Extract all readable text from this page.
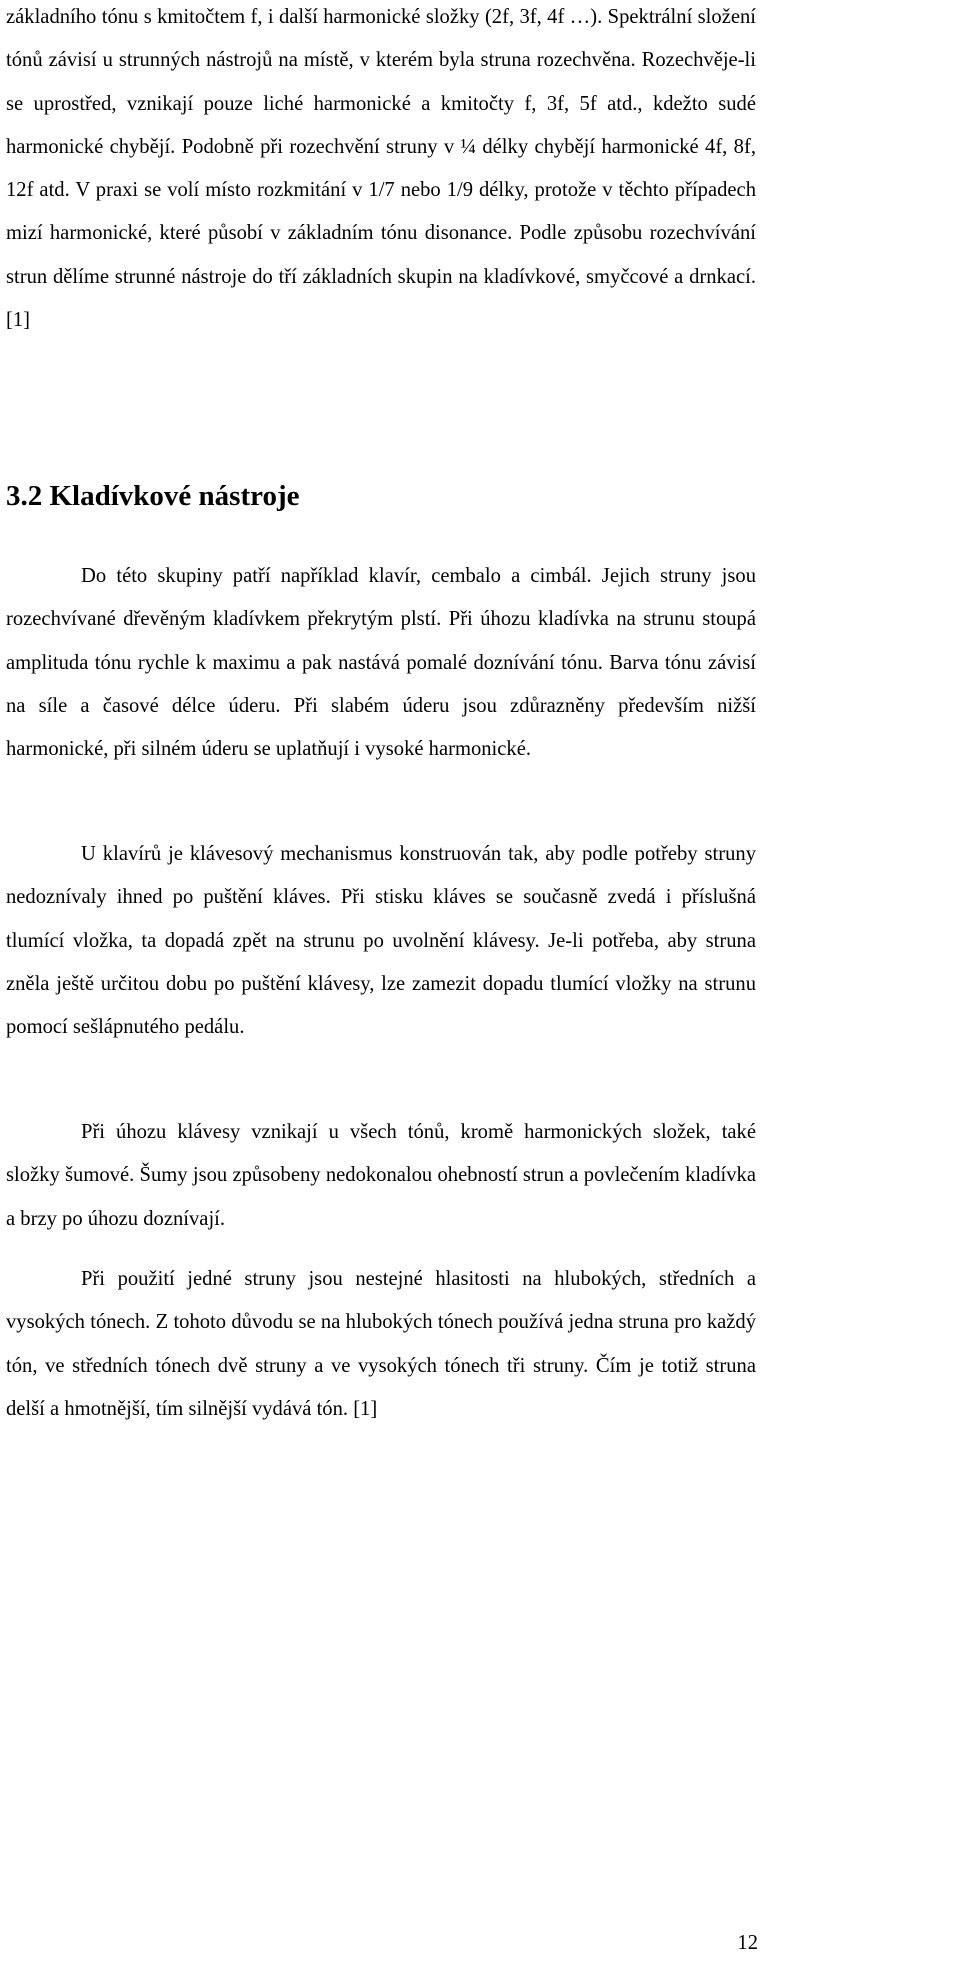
základního tónu s kmitočtem f, i další harmonické složky (2f, 3f, 4f …). Spektrální složení tónů závisí u strunných nástrojů na místě, v kterém byla struna rozechvěna. Rozechvěje-li se uprostřed, vznikají pouze liché harmonické a kmitočty f, 3f, 5f atd., kdežto sudé harmonické chybějí. Podobně při rozechvění struny v ¼ délky chybějí harmonické 4f, 8f, 12f atd. V praxi se volí místo rozkmitání v 1/7 nebo 1/9 délky, protože v těchto případech mizí harmonické, které působí v základním tónu disonance. Podle způsobu rozechvívání strun dělíme strunné nástroje do tří základních skupin na kladívkové, smyčcové a drnkací. [1]

3.2 Kladívkové nástroje

Do této skupiny patří například klavír, cembalo a cimbál. Jejich struny jsou rozechvívané dřevěným kladívkem překrytým plstí. Při úhozu kladívka na strunu stoupá amplituda tónu rychle k maximu a pak nastává pomalé doznívání tónu. Barva tónu závisí na síle a časové délce úderu. Při slabém úderu jsou zdůrazněny především nižší harmonické, při silném úderu se uplatňují i vysoké harmonické.

U klavírů je klávesový mechanismus konstruován tak, aby podle potřeby struny nedoznívaly ihned po puštění kláves. Při stisku kláves se současně zvedá i příslušná tlumící vložka, ta dopadá zpět na strunu po uvolnění klávesy. Je-li potřeba, aby struna zněla ještě určitou dobu po puštění klávesy, lze zamezit dopadu tlumící vložky na strunu pomocí sešlápnutého pedálu.

Při úhozu klávesy vznikají u všech tónů, kromě harmonických složek, také složky šumové. Šumy jsou způsobeny nedokonalou ohebností strun a povlečením kladívka a brzy po úhozu doznívají.

Při použití jedné struny jsou nestejné hlasitosti na hlubokých, středních a vysokých tónech. Z tohoto důvodu se na hlubokých tónech používá jedna struna pro každý tón, ve středních tónech dvě struny a ve vysokých tónech tři struny. Čím je totiž struna delší a hmotnější, tím silnější vydává tón. [1]

12
